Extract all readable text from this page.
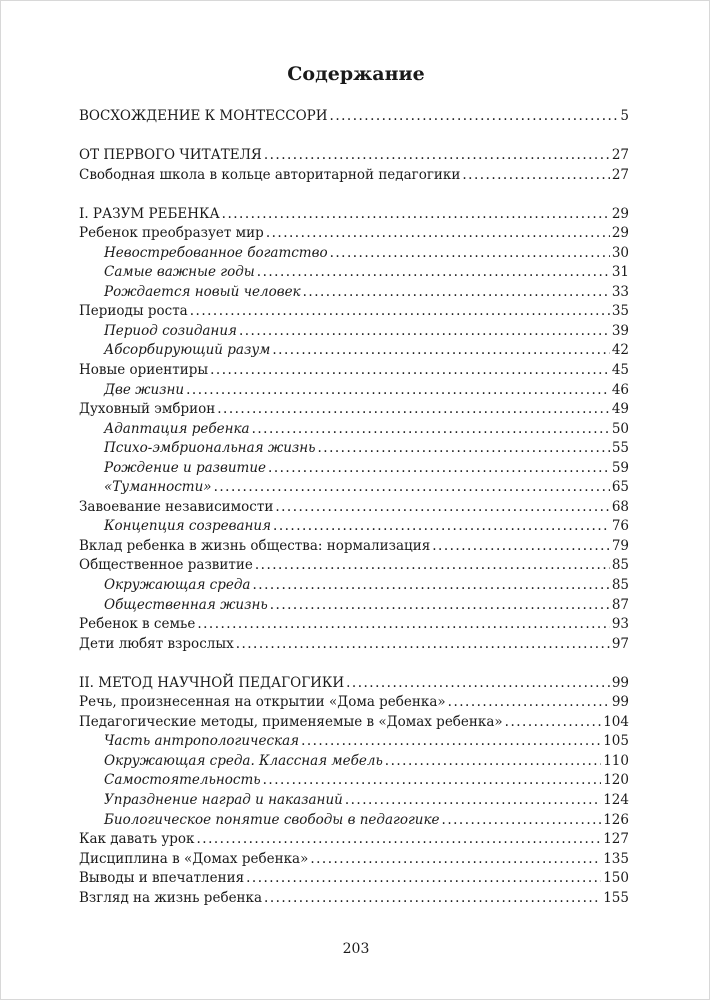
Содержание
ВОСХОЖДЕНИЕ К МОНТЕССОРИ .....	5
ОТ ПЕРВОГО ЧИТАТЕЛЯ .....	27
Свободная школа в кольце авторитарной педагогики .....	27
I. РАЗУМ РЕБЕНКА .....	29
Ребенок преобразует мир .....	29
Невостребованное богатство .....	30
Самые важные годы .....	31
Рождается новый человек .....	33
Периоды роста .....	35
Период созидания .....	39
Абсорбирующий разум .....	42
Новые ориентиры .....	45
Две жизни .....	46
Духовный эмбрион .....	49
Адаптация ребенка .....	50
Психо-эмбриональная жизнь .....	55
Рождение и развитие .....	59
«Туманности» .....	65
Завоевание независимости .....	68
Концепция созревания .....	76
Вклад ребенка в жизнь общества: нормализация .....	79
Общественное развитие .....	85
Окружающая среда .....	85
Общественная жизнь .....	87
Ребенок в семье .....	93
Дети любят взрослых .....	97
II. МЕТОД НАУЧНОЙ ПЕДАГОГИКИ .....	99
Речь, произнесенная на открытии «Дома ребенка» .....	99
Педагогические методы, применяемые в «Домах ребенка» .....	104
Часть антропологическая .....	105
Окружающая среда. Классная мебель .....	110
Самостоятельность .....	120
Упразднение наград и наказаний .....	124
Биологическое понятие свободы в педагогике .....	126
Как давать урок .....	127
Дисциплина в «Домах ребенка» .....	135
Выводы и впечатления .....	150
Взгляд на жизнь ребенка .....	155
203
